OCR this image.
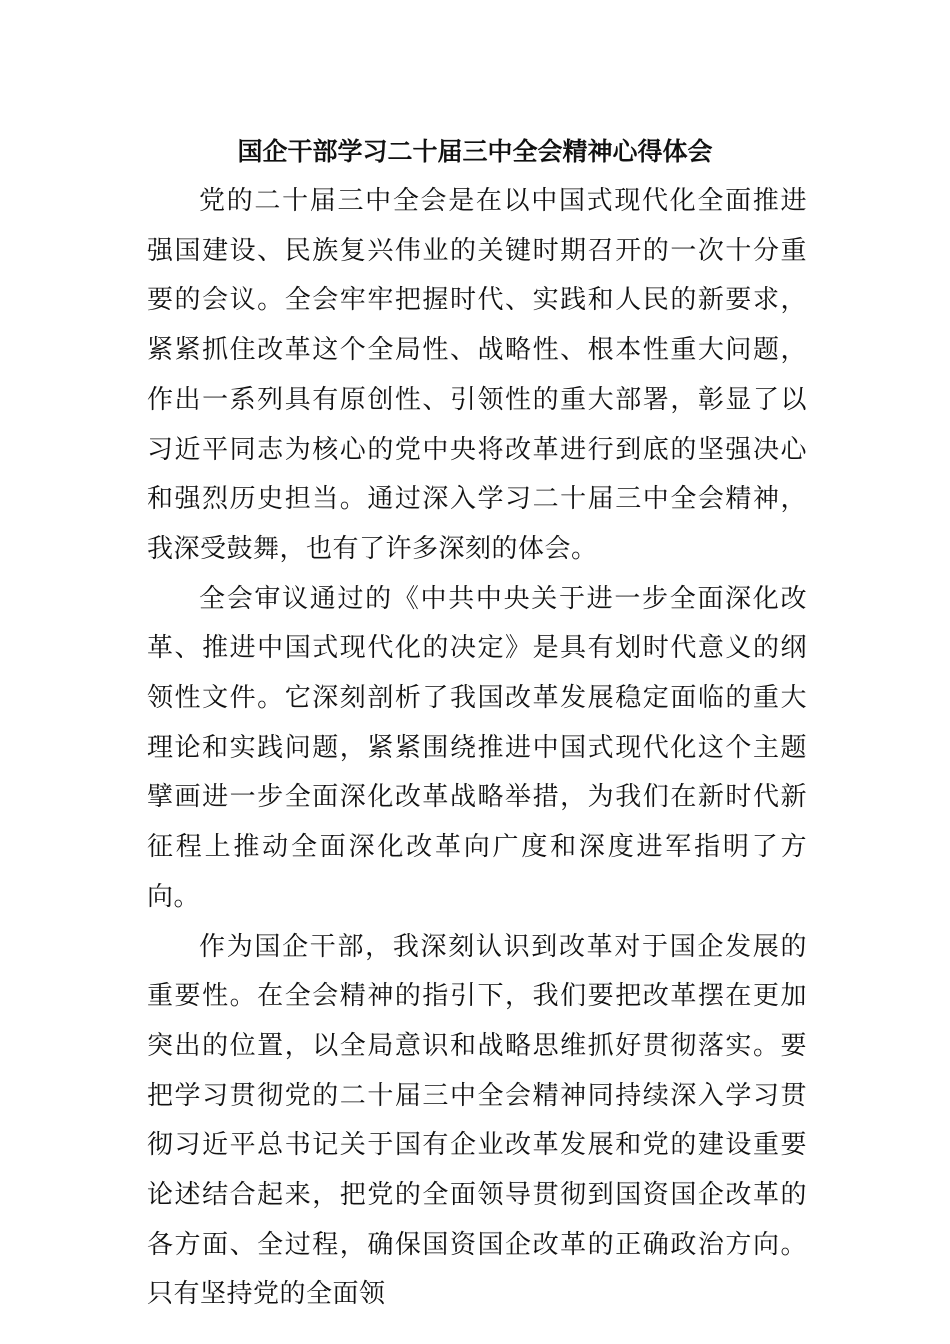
国企干部学习二十届三中全会精神心得体会

党的二十届三中全会是在以中国式现代化全面推进强国建设、民族复兴伟业的关键时期召开的一次十分重要的会议。全会牢牢把握时代、实践和人民的新要求，紧紧抓住改革这个全局性、战略性、根本性重大问题，作出一系列具有原创性、引领性的重大部署，彰显了以习近平同志为核心的党中央将改革进行到底的坚强决心和强烈历史担当。通过深入学习二十届三中全会精神，我深受鼓舞，也有了许多深刻的体会。

全会审议通过的《中共中央关于进一步全面深化改革、推进中国式现代化的决定》是具有划时代意义的纲领性文件。它深刻剖析了我国改革发展稳定面临的重大理论和实践问题，紧紧围绕推进中国式现代化这个主题擘画进一步全面深化改革战略举措，为我们在新时代新征程上推动全面深化改革向广度和深度进军指明了方向。

作为国企干部，我深刻认识到改革对于国企发展的重要性。在全会精神的指引下，我们要把改革摆在更加突出的位置，以全局意识和战略思维抓好贯彻落实。要把学习贯彻党的二十届三中全会精神同持续深入学习贯彻习近平总书记关于国有企业改革发展和党的建设重要论述结合起来，把党的全面领导贯彻到国资国企改革的各方面、全过程，确保国资国企改革的正确政治方向。只有坚持党的全面领
